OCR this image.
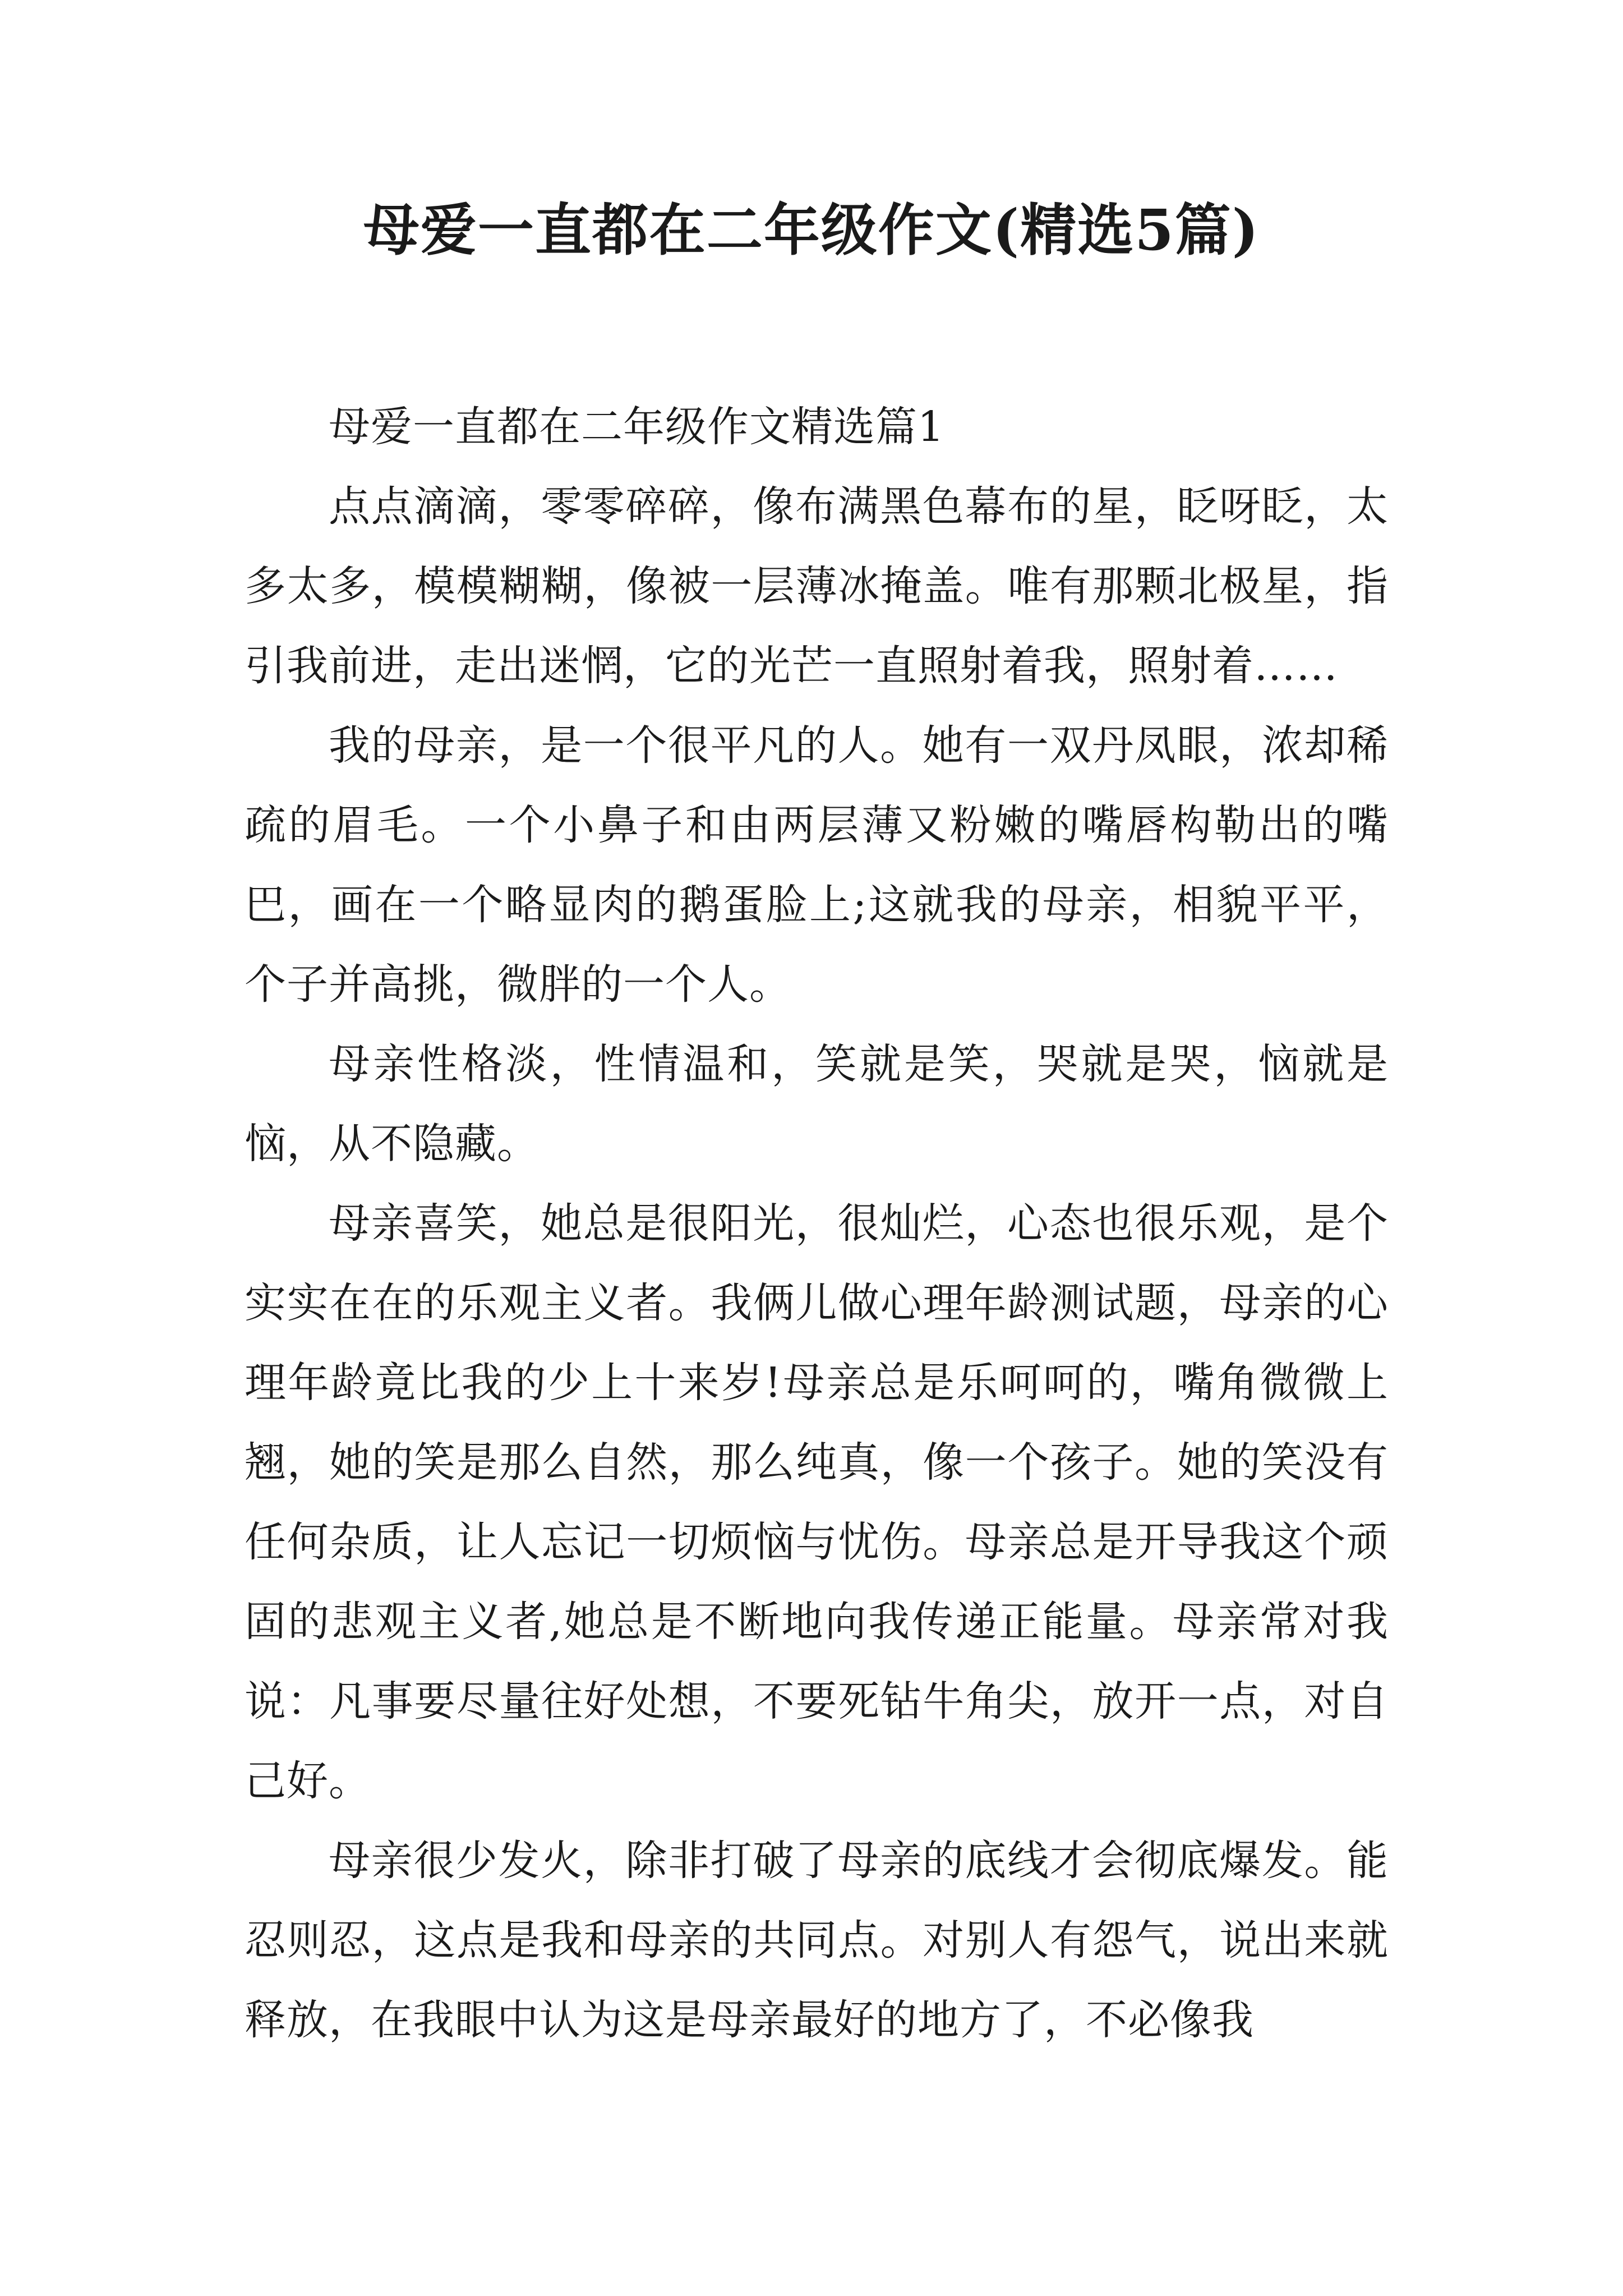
母爱一直都在二年级作文(精选5篇)

母爱一直都在二年级作文精选篇1

点点滴滴，零零碎碎，像布满黑色幕布的星，眨呀眨，太多太多，模模糊糊，像被一层薄冰掩盖。唯有那颗北极星，指引我前进，走出迷惘，它的光芒一直照射着我，照射着……

我的母亲，是一个很平凡的人。她有一双丹凤眼，浓却稀疏的眉毛。一个小鼻子和由两层薄又粉嫩的嘴唇构勒出的嘴巴，画在一个略显肉的鹅蛋脸上;这就我的母亲，相貌平平，个子并高挑，微胖的一个人。

母亲性格淡，性情温和，笑就是笑，哭就是哭，恼就是恼，从不隐藏。

母亲喜笑，她总是很阳光，很灿烂，心态也很乐观，是个实实在在的乐观主义者。我俩儿做心理年龄测试题，母亲的心理年龄竟比我的少上十来岁!母亲总是乐呵呵的，嘴角微微上翘，她的笑是那么自然，那么纯真，像一个孩子。她的笑没有任何杂质，让人忘记一切烦恼与忧伤。母亲总是开导我这个顽固的悲观主义者,她总是不断地向我传递正能量。母亲常对我说：凡事要尽量往好处想，不要死钻牛角尖，放开一点，对自己好。

母亲很少发火，除非打破了母亲的底线才会彻底爆发。能忍则忍，这点是我和母亲的共同点。对别人有怨气，说出来就释放，在我眼中认为这是母亲最好的地方了，不必像我
